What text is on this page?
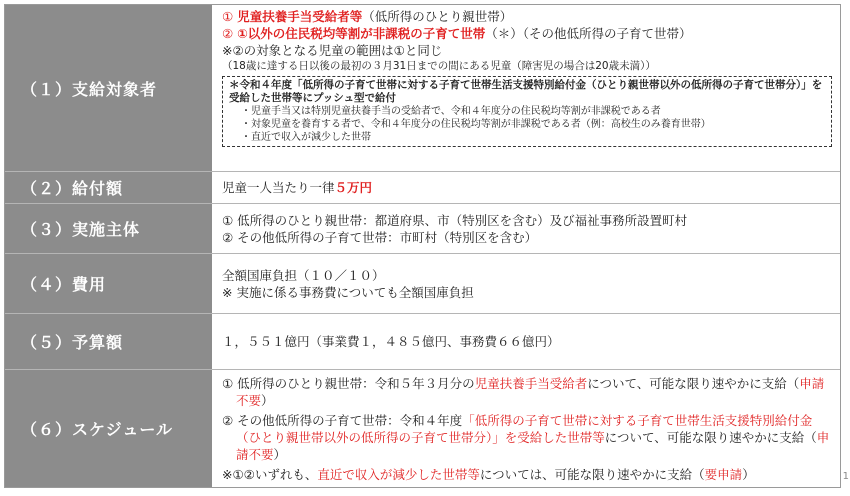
（１）支給対象者
① 児童扶養手当受給者等（低所得のひとり親世帯）
② ①以外の住民税均等割が非課税の子育て世帯（＊）（その他低所得の子育て世帯）
※②の対象となる児童の範囲は①と同じ
（18歳に達する日以後の最初の３月31日までの間にある児童（障害児の場合は20歳未満））
＊令和４年度「低所得の子育て世帯に対する子育て世帯生活支援特別給付金（ひとり親世帯以外の低所得の子育て世帯分）」を受給した世帯等にプッシュ型で給付
・児童手当又は特別児童扶養手当の受給者で、令和４年度分の住民税均等割が非課税である者
・対象児童を養育する者で、令和４年度分の住民税均等割が非課税である者（例：高校生のみ養育世帯）
・直近で収入が減少した世帯
（２）給付額	児童一人当たり一律５万円
（３）実施主体	① 低所得のひとり親世帯：都道府県、市（特別区を含む）及び福祉事務所設置町村
② その他低所得の子育て世帯：市町村（特別区を含む）
（４）費用	全額国庫負担（１０／１０）
※ 実施に係る事務費についても全額国庫負担
（５）予算額	１，５５１億円（事業費１，４８５億円、事務費６６億円）
（６）スケジュール
① 低所得のひとり親世帯：令和５年３月分の児童扶養手当受給者について、可能な限り速やかに支給（申請不要）
② その他低所得の子育て世帯：令和４年度「低所得の子育て世帯に対する子育て世帯生活支援特別給付金（ひとり親世帯以外の低所得の子育て世帯分）」を受給した世帯等について、可能な限り速やかに支給（申請不要）
※①②いずれも、直近で収入が減少した世帯等については、可能な限り速やかに支給（要申請）	1
